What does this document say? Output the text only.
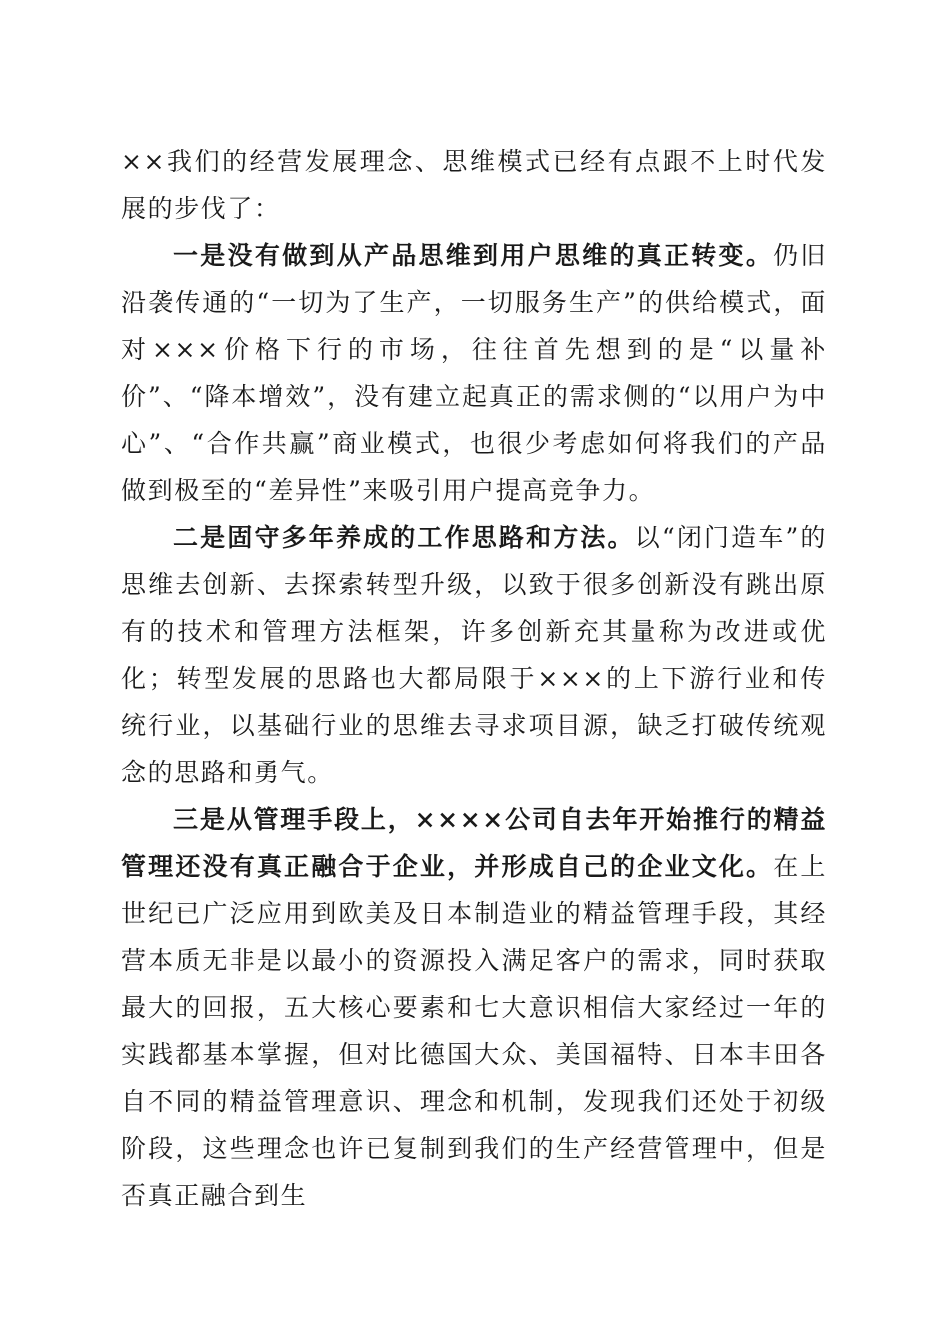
××我们的经营发展理念、思维模式已经有点跟不上时代发展的步伐了：

一是没有做到从产品思维到用户思维的真正转变。仍旧沿袭传通的“一切为了生产，一切服务生产”的供给模式，面对×××价格下行的市场，往往首先想到的是“以量补价”、“降本增效”，没有建立起真正的需求侧的“以用户为中心”、“合作共赢”商业模式，也很少考虑如何将我们的产品做到极至的“差异性”来吸引用户提高竞争力。

二是固守多年养成的工作思路和方法。以“闭门造车”的思维去创新、去探索转型升级，以致于很多创新没有跳出原有的技术和管理方法框架，许多创新充其量称为改进或优化；转型发展的思路也大都局限于×××的上下游行业和传统行业，以基础行业的思维去寻求项目源，缺乏打破传统观念的思路和勇气。

三是从管理手段上，××××公司自去年开始推行的精益管理还没有真正融合于企业，并形成自己的企业文化。在上世纪已广泛应用到欧美及日本制造业的精益管理手段，其经营本质无非是以最小的资源投入满足客户的需求，同时获取最大的回报，五大核心要素和七大意识相信大家经过一年的实践都基本掌握，但对比德国大众、美国福特、日本丰田各自不同的精益管理意识、理念和机制，发现我们还处于初级阶段，这些理念也许已复制到我们的生产经营管理中，但是否真正融合到生
